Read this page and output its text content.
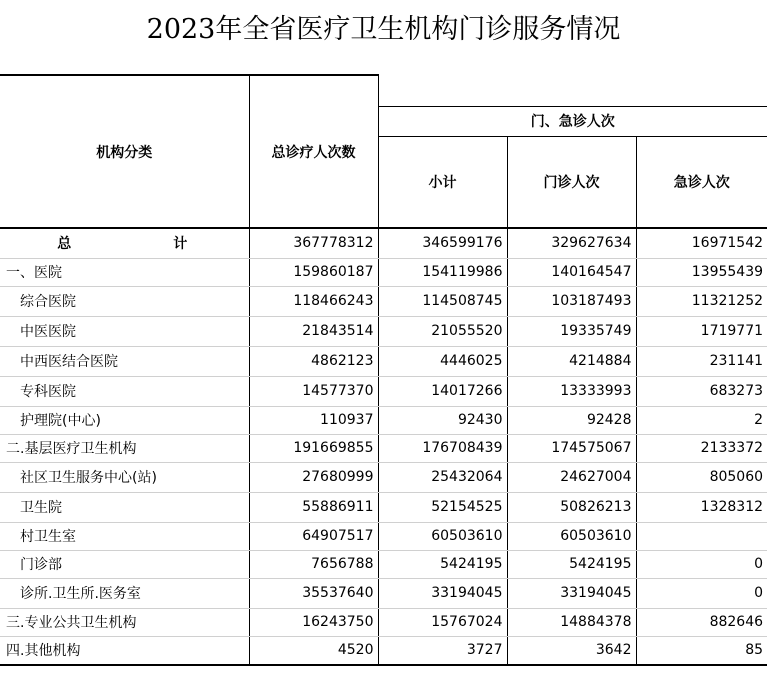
2023年全省医疗卫生机构门诊服务情况
机构分类	总诊疗人次数			
		门、急诊人次		
		小计	门诊人次	急诊人次
总　计	367778312	346599176	329627634	16971542
一、医院	159860187	154119986	140164547	13955439
综合医院	118466243	114508745	103187493	11321252
中医医院	21843514	21055520	19335749	1719771
中西医结合医院	4862123	4446025	4214884	231141
专科医院	14577370	14017266	13333993	683273
护理院(中心)	110937	92430	92428	2
二.基层医疗卫生机构	191669855	176708439	174575067	2133372
社区卫生服务中心(站)	27680999	25432064	24627004	805060
卫生院	55886911	52154525	50826213	1328312
村卫生室	64907517	60503610	60503610	
门诊部	7656788	5424195	5424195	0
诊所.卫生所.医务室	35537640	33194045	33194045	0
三.专业公共卫生机构	16243750	15767024	14884378	882646
四.其他机构	4520	3727	3642	85
